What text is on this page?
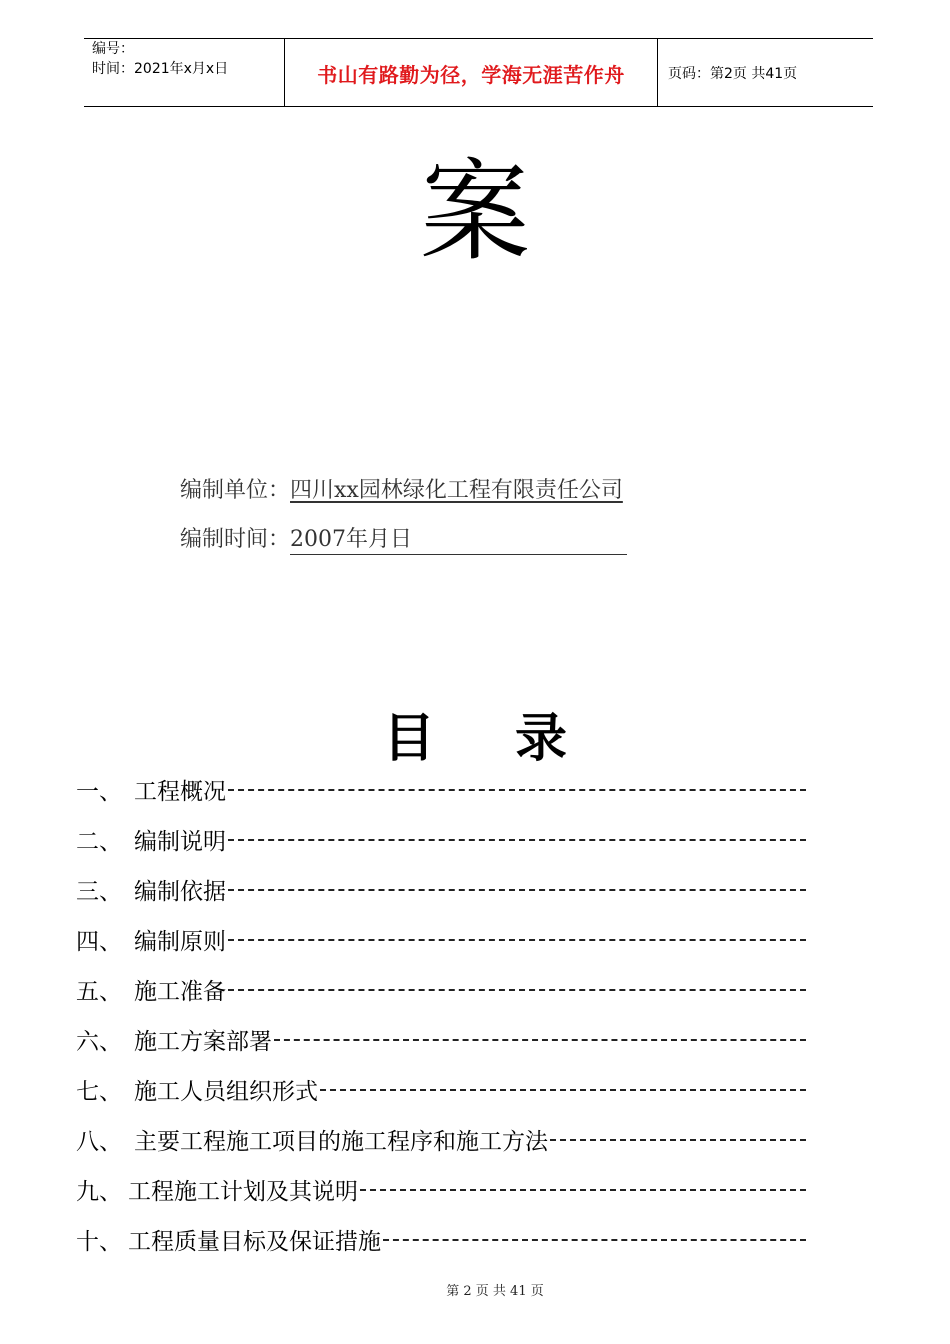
编号：
时间：2021年x月x日	书山有路勤为径，学海无涯苦作舟	页码：第2页 共41页
案
编制单位：四川xx园林绿化工程有限责任公司
编制时间：2007年月日
目录
一、 工程概况
二、 编制说明
三、 编制依据
四、 编制原则
五、 施工准备
六、 施工方案部署
七、 施工人员组织形式
八、 主要工程施工项目的施工程序和施工方法
九、 工程施工计划及其说明
十、 工程质量目标及保证措施
第 2 页 共 41 页
